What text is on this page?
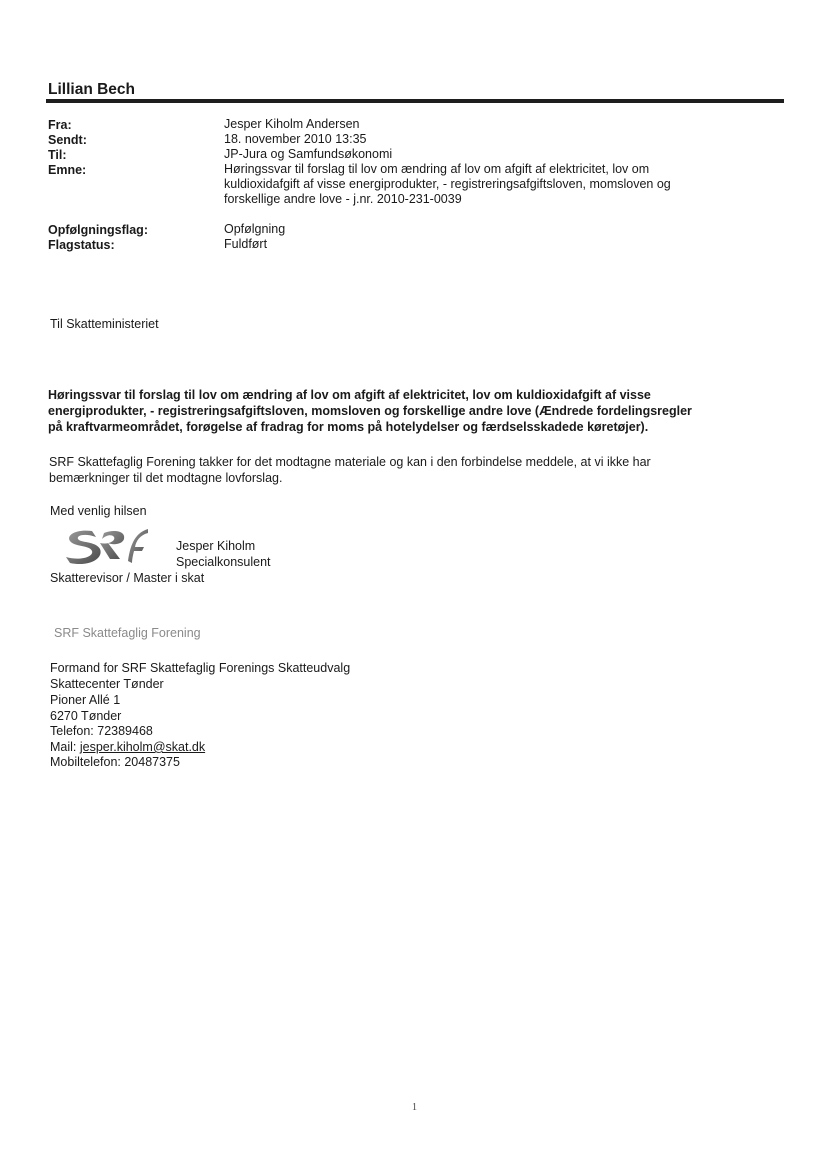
Lillian Bech
Fra:
Sendt:
Til:
Emne:
Jesper Kiholm Andersen
18. november 2010 13:35
JP-Jura og Samfundsøkonomi
Høringssvar til forslag til lov om ændring af lov om afgift af elektricitet, lov om
kuldioxidafgift af visse energiprodukter, - registreringsafgiftsloven, momsloven og
forskellige andre love - j.nr. 2010-231-0039
Opfølgningsflag:
Flagstatus:
Opfølgning
Fuldført
Til Skatteministeriet
Høringssvar til forslag til lov om ændring af lov om afgift af elektricitet, lov om kuldioxidafgift af visse
energiprodukter, - registreringsafgiftsloven, momsloven og forskellige andre love (Ændrede fordelingsregler
på kraftvarmeområdet, forøgelse af fradrag for moms på hotelydelser og færdselsskadede køretøjer).
SRF Skattefaglig Forening takker for det modtagne materiale og kan i den forbindelse meddele, at vi ikke har
bemærkninger til det modtagne lovforslag.
Med venlig hilsen
Jesper Kiholm
Specialkonsulent
Skatterevisor / Master i skat
SRF Skattefaglig Forening
Formand for SRF Skattefaglig Forenings Skatteudvalg
Skattecenter Tønder
Pioner Allé 1
6270 Tønder
Telefon: 72389468
Mail: jesper.kiholm@skat.dk
Mobiltelefon: 20487375
1
